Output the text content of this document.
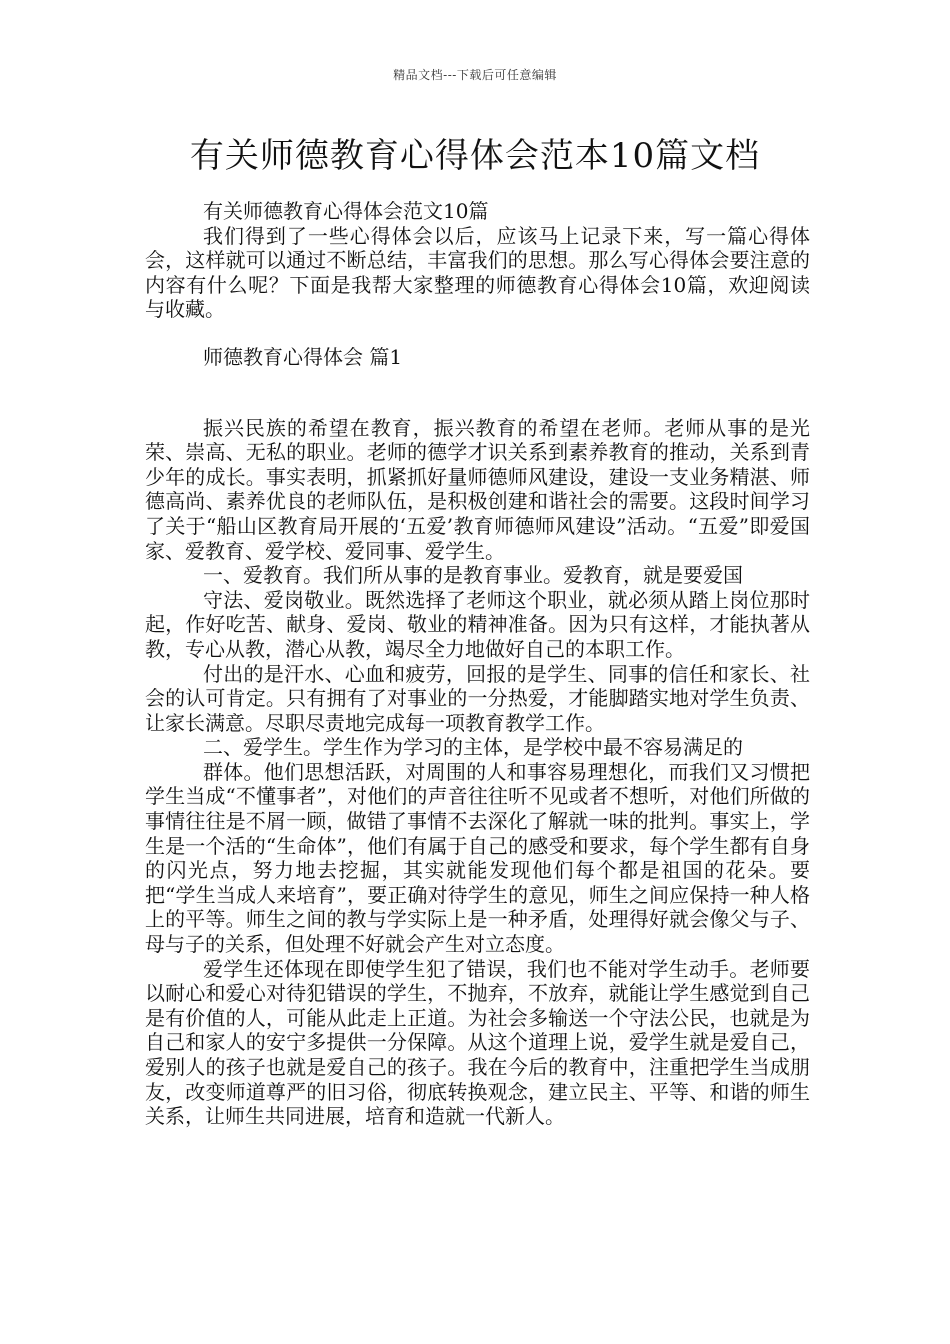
精品文档---下载后可任意编辑
有关师德教育心得体会范本10篇文档

有关师德教育心得体会范文10篇

我们得到了一些心得体会以后，应该马上记录下来，写一篇心得体会，这样就可以通过不断总结，丰富我们的思想。那么写心得体会要注意的内容有什么呢？下面是我帮大家整理的师德教育心得体会10篇，欢迎阅读与收藏。

师德教育心得体会 篇1

振兴民族的希望在教育，振兴教育的希望在老师。老师从事的是光荣、崇高、无私的职业。老师的德学才识关系到素养教育的推动，关系到青少年的成长。事实表明，抓紧抓好量师德师风建设，建设一支业务精湛、师德高尚、素养优良的老师队伍，是积极创建和谐社会的需要。这段时间学习了关于“船山区教育局开展的‘五爱’教育师德师风建设”活动。“五爱”即爱国家、爱教育、爱学校、爱同事、爱学生。

一、爱教育。我们所从事的是教育事业。爱教育，就是要爱国
守法、爱岗敬业。既然选择了老师这个职业，就必须从踏上岗位那时起，作好吃苦、献身、爱岗、敬业的精神准备。因为只有这样，才能执著从教，专心从教，潜心从教，竭尽全力地做好自己的本职工作。

付出的是汗水、心血和疲劳，回报的是学生、同事的信任和家长、社会的认可肯定。只有拥有了对事业的一分热爱，才能脚踏实地对学生负责、让家长满意。尽职尽责地完成每一项教育教学工作。

二、爱学生。学生作为学习的主体，是学校中最不容易满足的
群体。他们思想活跃，对周围的人和事容易理想化，而我们又习惯把学生当成“不懂事者”，对他们的声音往往听不见或者不想听，对他们所做的事情往往是不屑一顾，做错了事情不去深化了解就一味的批判。事实上，学生是一个活的“生命体”，他们有属于自己的感受和要求，每个学生都有自身的闪光点，努力地去挖掘，其实就能发现他们每个都是祖国的花朵。要把“学生当成人来培育”，要正确对待学生的意见，师生之间应保持一种人格上的平等。师生之间的教与学实际上是一种矛盾，处理得好就会像父与子、母与子的关系，但处理不好就会产生对立态度。

爱学生还体现在即使学生犯了错误，我们也不能对学生动手。老师要以耐心和爱心对待犯错误的学生，不抛弃，不放弃，就能让学生感觉到自己是有价值的人，可能从此走上正道。为社会多输送一个守法公民，也就是为自己和家人的安宁多提供一分保障。从这个道理上说，爱学生就是爱自己，爱别人的孩子也就是爱自己的孩子。我在今后的教育中，注重把学生当成朋友，改变师道尊严的旧习俗，彻底转换观念，建立民主、平等、和谐的师生关系，让师生共同进展，培育和造就一代新人。
